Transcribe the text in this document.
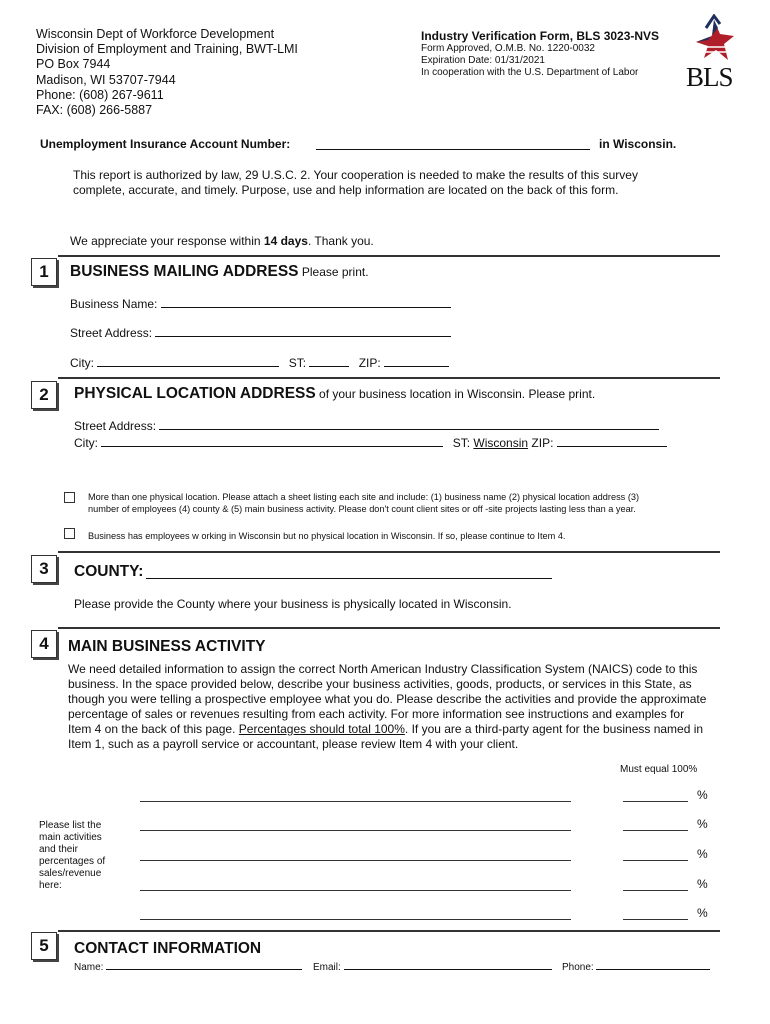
Wisconsin Dept of Workforce Development
Division of Employment and Training, BWT-LMI
PO Box 7944
Madison, WI 53707-7944
Phone: (608) 267-9611
FAX: (608) 266-5887
Industry Verification Form, BLS 3023-NVS
Form Approved, O.M.B. No. 1220-0032
Expiration Date: 01/31/2021
In cooperation with the U.S. Department of Labor	BLS
Unemployment Insurance Account Number:	in Wisconsin.
This report is authorized by law, 29 U.S.C. 2. Your cooperation is needed to make the results of this survey complete, accurate, and timely. Purpose, use and help information are located on the back of this form.
We appreciate your response within 14 days. Thank you.
1	BUSINESS MAILING ADDRESS Please print.
Business Name:
Street Address:
City:	ST:	ZIP:
2	PHYSICAL LOCATION ADDRESS of your business location in Wisconsin. Please print.
Street Address:
City:	ST: Wisconsin ZIP:
More than one physical location. Please attach a sheet listing each site and include: (1) business name (2) physical location address (3)
number of employees (4) county & (5) main business activity. Please don't count client sites or off -site projects lasting less than a year.
Business has employees w orking in Wisconsin but no physical location in Wisconsin. If so, please continue to Item 4.
3	COUNTY:
Please provide the County where your business is physically located in Wisconsin.
4	MAIN BUSINESS ACTIVITY
We need detailed information to assign the correct North American Industry Classification System (NAICS) code to this business. In the space provided below, describe your business activities, goods, products, or services in this State, as though you were telling a prospective employee what you do. Please describe the activities and provide the approximate percentage of sales or revenues resulting from each activity. For more information see instructions and examples for Item 4 on the back of this page. Percentages should total 100%. If you are a third-party agent for the business named in Item 1, such as a payroll service or accountant, please review Item 4 with your client.
Must equal 100%
Please list the main activities and their percentages of sales/revenue here:
%
%
%
%
%
5	CONTACT INFORMATION
Name:	Email:	Phone:
